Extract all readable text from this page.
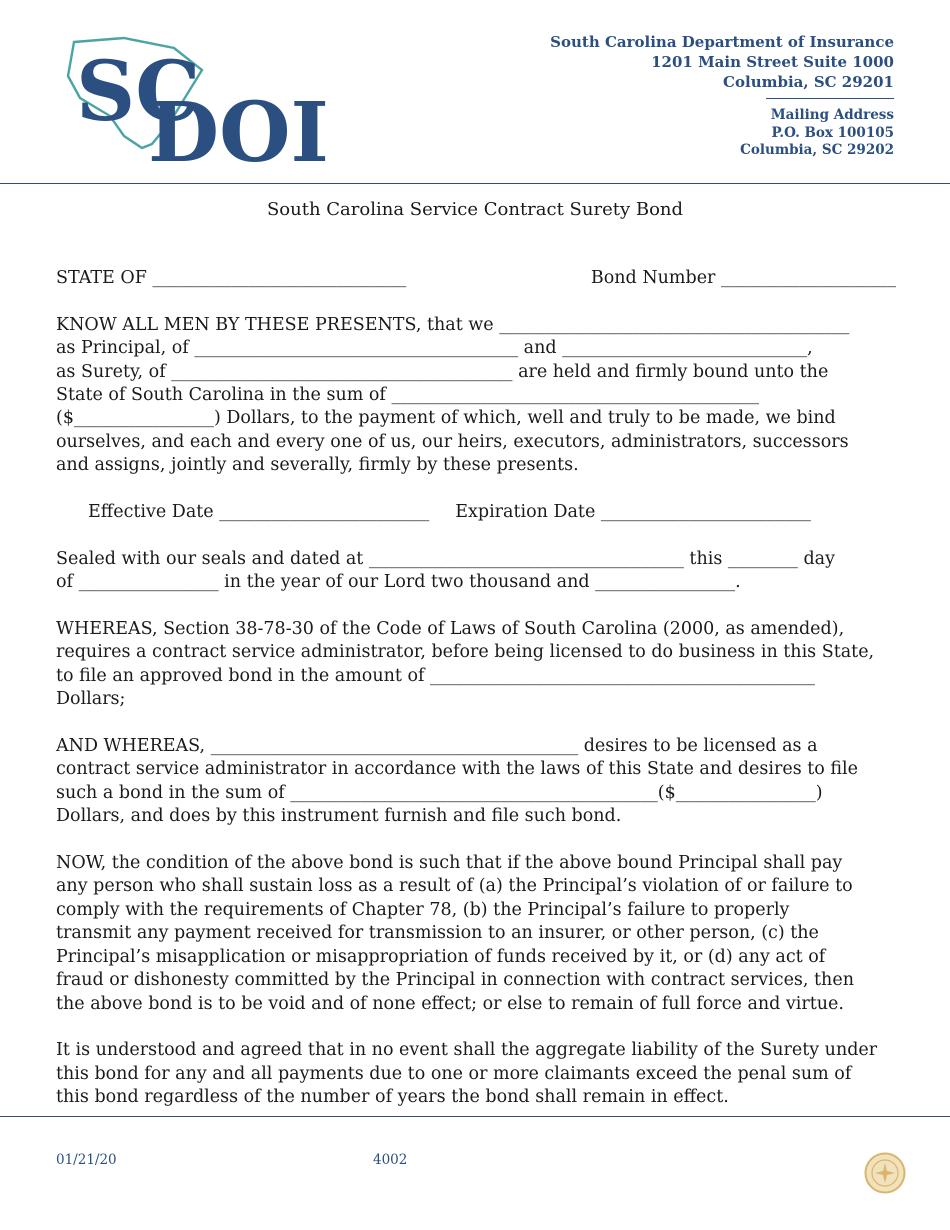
SC
DOI
South Carolina Department of Insurance
1201 Main Street Suite 1000
Columbia, SC 29201
Mailing Address
P.O. Box 100105
Columbia, SC 29202
South Carolina Service Contract Surety Bond

STATE OF _____________________________	Bond Number ____________________

KNOW ALL MEN BY THESE PRESENTS, that we ________________________________________
as Principal, of _____________________________________ and ____________________________,
as Surety, of _______________________________________ are held and firmly bound unto the
State of South Carolina in the sum of __________________________________________
($________________) Dollars, to the payment of which, well and truly to be made, we bind
ourselves, and each and every one of us, our heirs, executors, administrators, successors
and assigns, jointly and severally, firmly by these presents.

Effective Date ________________________ Expiration Date ________________________

Sealed with our seals and dated at ____________________________________ this ________ day
of ________________ in the year of our Lord two thousand and ________________.

WHEREAS, Section 38-78-30 of the Code of Laws of South Carolina (2000, as amended),
requires a contract service administrator, before being licensed to do business in this State,
to file an approved bond in the amount of ____________________________________________
Dollars;

AND WHEREAS, __________________________________________ desires to be licensed as a
contract service administrator in accordance with the laws of this State and desires to file
such a bond in the sum of __________________________________________($________________)
Dollars, and does by this instrument furnish and file such bond.

NOW, the condition of the above bond is such that if the above bound Principal shall pay
any person who shall sustain loss as a result of (a) the Principal’s violation of or failure to
comply with the requirements of Chapter 78, (b) the Principal’s failure to properly
transmit any payment received for transmission to an insurer, or other person, (c) the
Principal’s misapplication or misappropriation of funds received by it, or (d) any act of
fraud or dishonesty committed by the Principal in connection with contract services, then
the above bond is to be void and of none effect; or else to remain of full force and virtue.

It is understood and agreed that in no event shall the aggregate liability of the Surety under
this bond for any and all payments due to one or more claimants exceed the penal sum of
this bond regardless of the number of years the bond shall remain in effect.

01/21/20	4002
